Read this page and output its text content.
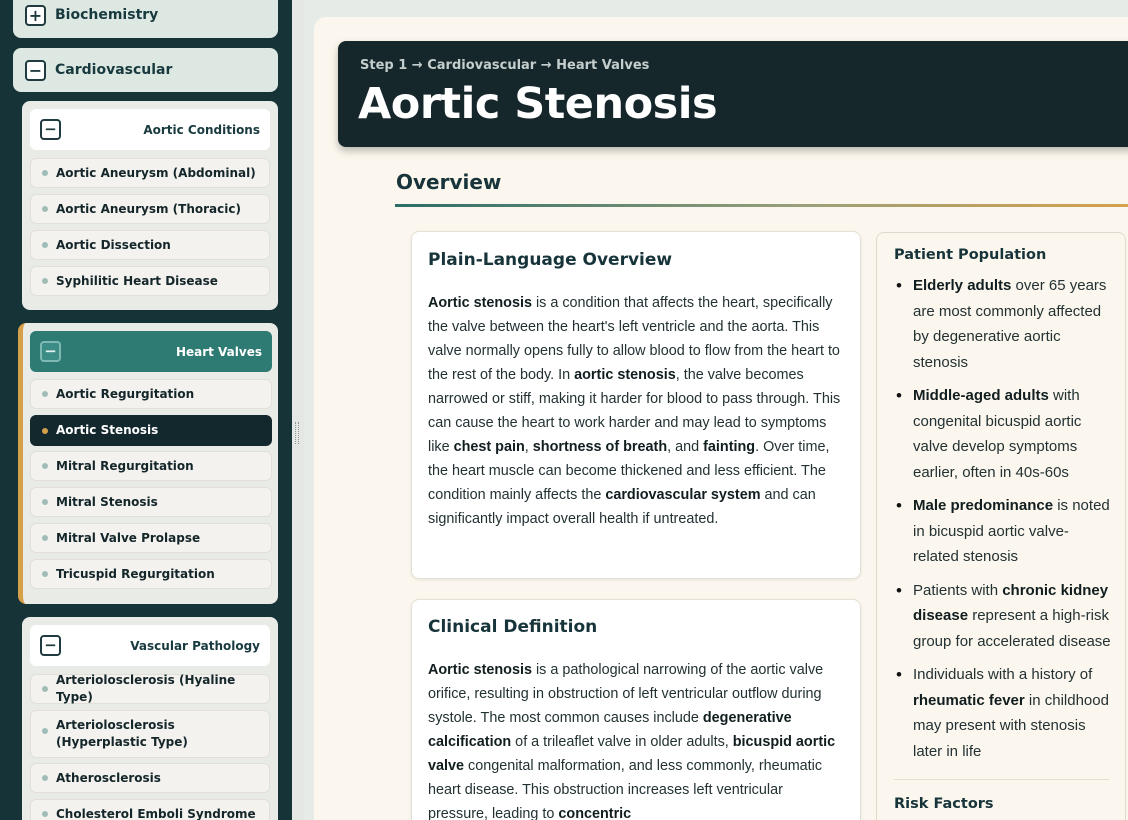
+ Biochemistry
− Cardiovascular
−	Aortic Conditions
Aortic Aneurysm (Abdominal)
Aortic Aneurysm (Thoracic)
Aortic Dissection
Syphilitic Heart Disease
−	Heart Valves
Aortic Regurgitation
Aortic Stenosis
Mitral Regurgitation
Mitral Stenosis
Mitral Valve Prolapse
Tricuspid Regurgitation
−	Vascular Pathology
Arteriolosclerosis (Hyaline Type)
Arteriolosclerosis (Hyperplastic Type)
Atherosclerosis
Cholesterol Emboli Syndrome
Step 1 → Cardiovascular → Heart Valves
Aortic Stenosis
Overview
Plain-Language Overview

Aortic stenosis is a condition that affects the heart, specifically the valve between the heart's left ventricle and the aorta. This valve normally opens fully to allow blood to flow from the heart to the rest of the body. In aortic stenosis, the valve becomes narrowed or stiff, making it harder for blood to pass through. This can cause the heart to work harder and may lead to symptoms like chest pain, shortness of breath, and fainting. Over time, the heart muscle can become thickened and less efficient. The condition mainly affects the cardiovascular system and can significantly impact overall health if untreated.

Clinical Definition

Aortic stenosis is a pathological narrowing of the aortic valve orifice, resulting in obstruction of left ventricular outflow during systole. The most common causes include degenerative calcification of a trileaflet valve in older adults, bicuspid aortic valve congenital malformation, and less commonly, rheumatic heart disease. This obstruction increases left ventricular pressure, leading to concentric

Patient Population
• Elderly adults over 65 years are most commonly affected by degenerative aortic stenosis
• Middle-aged adults with congenital bicuspid aortic valve develop symptoms earlier, often in 40s-60s
• Male predominance is noted in bicuspid aortic valve-related stenosis
• Patients with chronic kidney disease represent a high-risk group for accelerated disease
• Individuals with a history of rheumatic fever in childhood may present with stenosis later in life
Risk Factors
